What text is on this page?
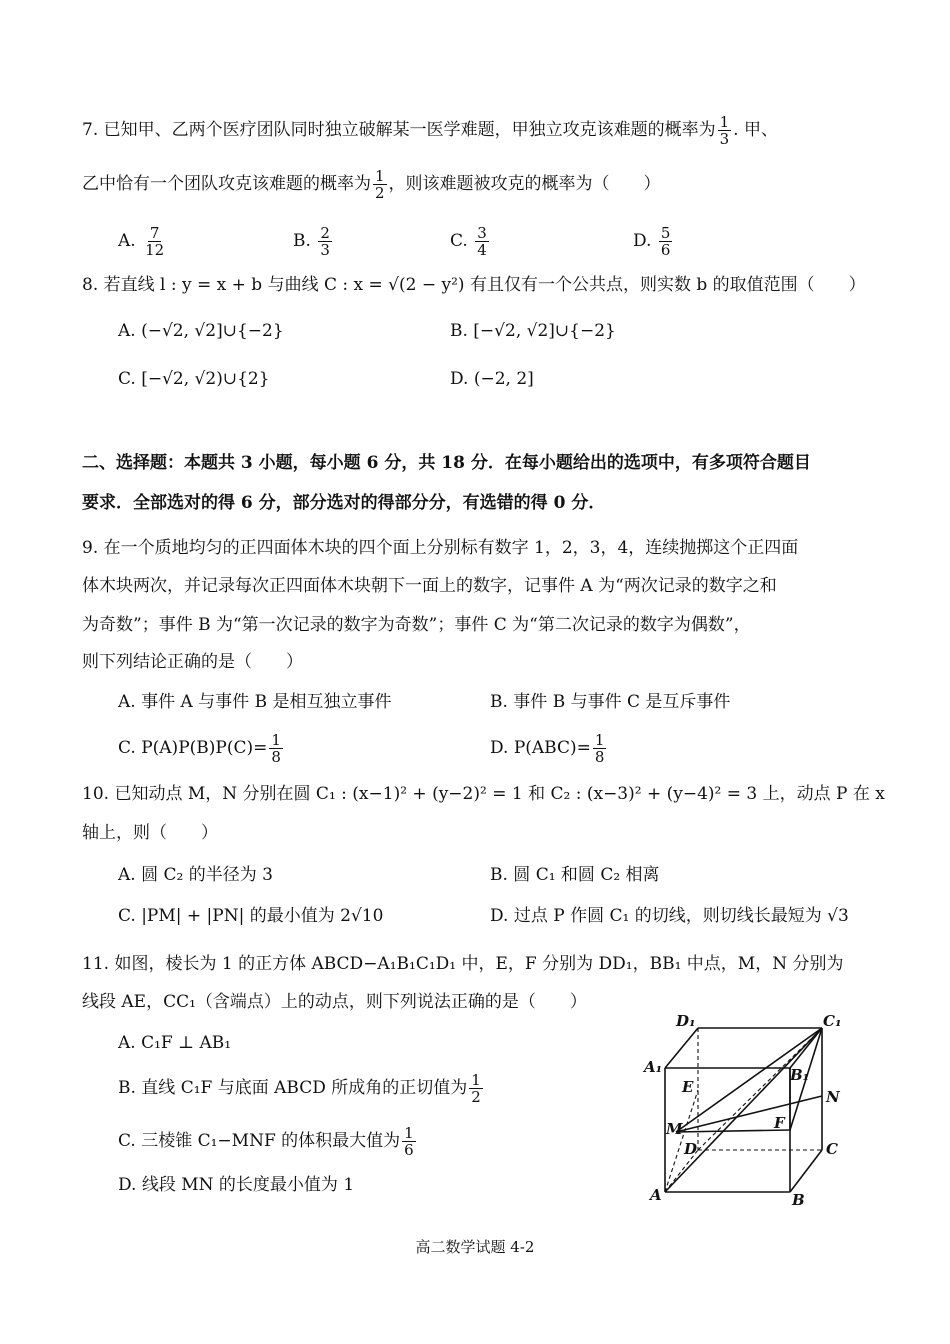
7. 已知甲、乙两个医疗团队同时独立破解某一医学难题，甲独立攻克该难题的概率为 $\frac{1}{3}$ . 甲、
乙中恰有一个团队攻克该难题的概率为 $\frac{1}{2}$ ，则该难题被攻克的概率为（　　）
A. $\frac{7}{12}$	B. $\frac{2}{3}$	C. $\frac{3}{4}$	D. $\frac{5}{6}$
8. 若直线 l : y = x + b 与曲线 C : x = √(2 − y²) 有且仅有一个公共点，则实数 b 的取值范围（　　）
A. (−√2, √2]∪{−2}	B. [−√2, √2]∪{−2}
C. [−√2, √2)∪{2}	D. (−2, 2]
二、选择题：本题共 3 小题，每小题 6 分，共 18 分．在每小题给出的选项中，有多项符合题目
要求．全部选对的得 6 分，部分选对的得部分分，有选错的得 0 分．
9. 在一个质地均匀的正四面体木块的四个面上分别标有数字 1，2，3，4，连续抛掷这个正四面
体木块两次，并记录每次正四面体木块朝下一面上的数字，记事件 A 为“两次记录的数字之和
为奇数”；事件 B 为“第一次记录的数字为奇数”；事件 C 为“第二次记录的数字为偶数”，
则下列结论正确的是（　　）
A. 事件 A 与事件 B 是相互独立事件	B. 事件 B 与事件 C 是互斥事件
C. $P(A)P(B)P(C)= \frac{1}{8}$	D. $P(ABC)= \frac{1}{8}$
10. 已知动点 M，N 分别在圆 C₁ : (x−1)² + (y−2)² = 1 和 C₂ : (x−3)² + (y−4)² = 3 上，动点 P 在 x
轴上，则（　　）
A. 圆 C₂ 的半径为 3	B. 圆 C₁ 和圆 C₂ 相离
C. |PM| + |PN| 的最小值为 2√10	D. 过点 P 作圆 C₁ 的切线，则切线长最短为 √3
11. 如图，棱长为 1 的正方体 ABCD−A₁B₁C₁D₁ 中，E，F 分别为 DD₁，BB₁ 中点，M，N 分别为
线段 AE，CC₁（含端点）上的动点，则下列说法正确的是（　　）
A. C₁F ⊥ AB₁
B. 直线 C₁F 与底面 ABCD 所成角的正切值为 $\frac{1}{2}$
C. 三棱锥 C₁−MNF 的体积最大值为 $\frac{1}{6}$
D. 线段 MN 的长度最小值为 1
D₁	C₁
A₁	B₁
E
N
M	F
D	C
A	B
高二数学试题 4-2
